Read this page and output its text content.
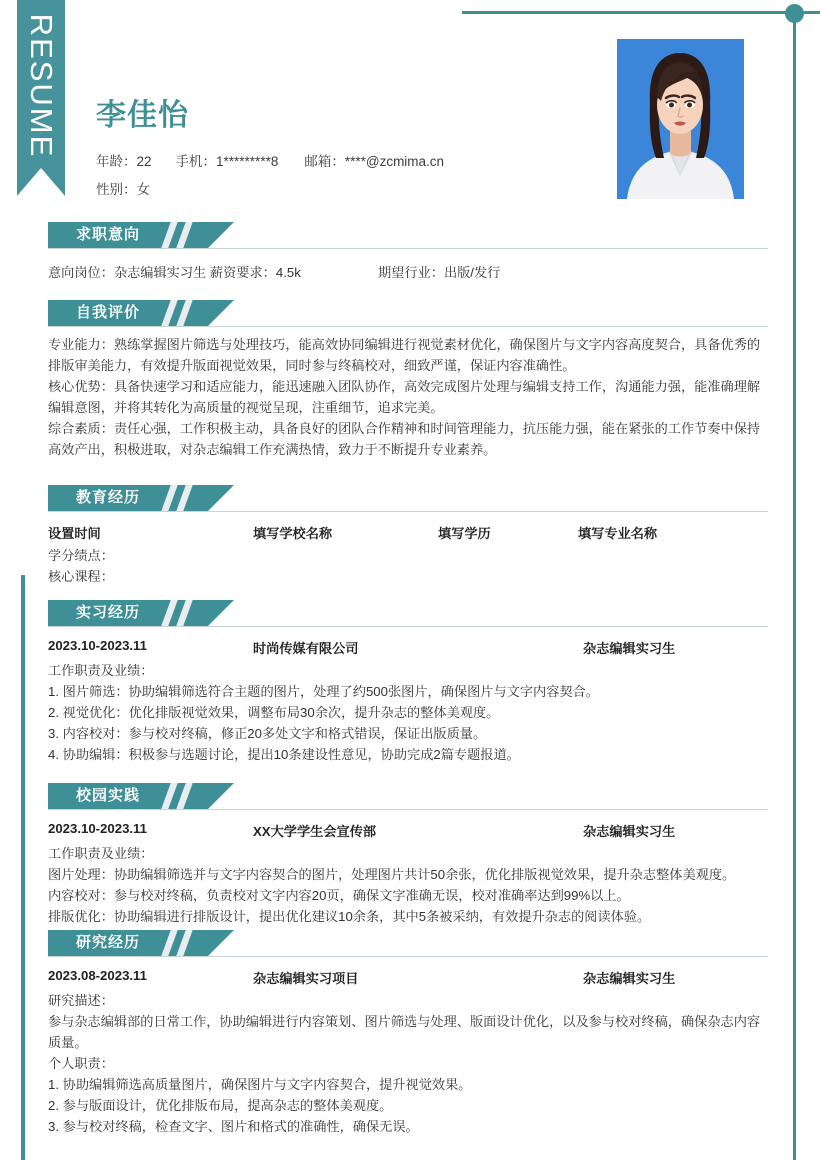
RESUME 李佳怡
年龄：22 手机：1*********8 邮箱：****@zcmima.cn
性别：女
求职意向
意向岗位：杂志编辑实习生 薪资要求：4.5k	期望行业：出版/发行
自我评价

专业能力：熟练掌握图片筛选与处理技巧，能高效协同编辑进行视觉素材优化，确保图片与文字内容高度契合，具备优秀的排版审美能力，有效提升版面视觉效果，同时参与终稿校对，细致严谨，保证内容准确性。

核心优势：具备快速学习和适应能力，能迅速融入团队协作，高效完成图片处理与编辑支持工作，沟通能力强，能准确理解编辑意图，并将其转化为高质量的视觉呈现，注重细节，追求完美。

综合素质：责任心强，工作积极主动，具备良好的团队合作精神和时间管理能力，抗压能力强，能在紧张的工作节奏中保持高效产出，积极进取，对杂志编辑工作充满热情，致力于不断提升专业素养。

教育经历
设置时间	填写学校名称	填写学历	填写专业名称

学分绩点：

核心课程：

实习经历
2023.10-2023.11	时尚传媒有限公司	杂志编辑实习生

工作职责及业绩：

1. 图片筛选：协助编辑筛选符合主题的图片，处理了约500张图片，确保图片与文字内容契合。

2. 视觉优化：优化排版视觉效果，调整布局30余次，提升杂志的整体美观度。

3. 内容校对：参与校对终稿，修正20多处文字和格式错误，保证出版质量。

4. 协助编辑：积极参与选题讨论，提出10条建设性意见，协助完成2篇专题报道。

校园实践
2023.10-2023.11	XX大学学生会宣传部	杂志编辑实习生

工作职责及业绩：

图片处理：协助编辑筛选并与文字内容契合的图片，处理图片共计50余张，优化排版视觉效果，提升杂志整体美观度。

内容校对：参与校对终稿，负责校对文字内容20页，确保文字准确无误，校对准确率达到99%以上。

排版优化：协助编辑进行排版设计，提出优化建议10余条，其中5条被采纳，有效提升杂志的阅读体验。

研究经历
2023.08-2023.11	杂志编辑实习项目	杂志编辑实习生

研究描述：

参与杂志编辑部的日常工作，协助编辑进行内容策划、图片筛选与处理、版面设计优化，以及参与校对终稿，确保杂志内容质量。

个人职责：

1. 协助编辑筛选高质量图片，确保图片与文字内容契合，提升视觉效果。

2. 参与版面设计，优化排版布局，提高杂志的整体美观度。

3. 参与校对终稿，检查文字、图片和格式的准确性，确保无误。
